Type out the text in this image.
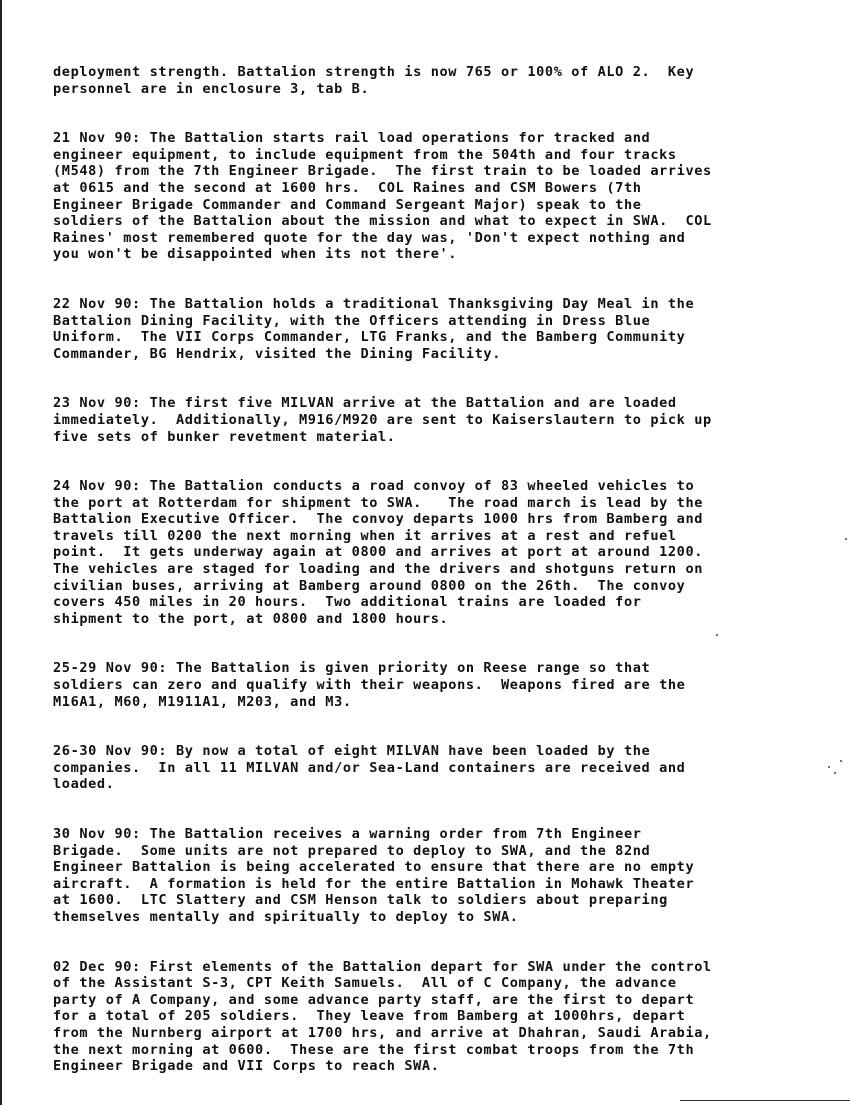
deployment strength. Battalion strength is now 765 or 100% of ALO 2.  Key
personnel are in enclosure 3, tab B.

21 Nov 90: The Battalion starts rail load operations for tracked and
engineer equipment, to include equipment from the 504th and four tracks
(M548) from the 7th Engineer Brigade.  The first train to be loaded arrives
at 0615 and the second at 1600 hrs.  COL Raines and CSM Bowers (7th
Engineer Brigade Commander and Command Sergeant Major) speak to the
soldiers of the Battalion about the mission and what to expect in SWA.  COL
Raines' most remembered quote for the day was, 'Don't expect nothing and
you won't be disappointed when its not there'.

22 Nov 90: The Battalion holds a traditional Thanksgiving Day Meal in the
Battalion Dining Facility, with the Officers attending in Dress Blue
Uniform.  The VII Corps Commander, LTG Franks, and the Bamberg Community
Commander, BG Hendrix, visited the Dining Facility.

23 Nov 90: The first five MILVAN arrive at the Battalion and are loaded
immediately.  Additionally, M916/M920 are sent to Kaiserslautern to pick up
five sets of bunker revetment material.

24 Nov 90: The Battalion conducts a road convoy of 83 wheeled vehicles to
the port at Rotterdam for shipment to SWA.   The road march is lead by the
Battalion Executive Officer.  The convoy departs 1000 hrs from Bamberg and
travels till 0200 the next morning when it arrives at a rest and refuel
point.  It gets underway again at 0800 and arrives at port at around 1200.
The vehicles are staged for loading and the drivers and shotguns return on
civilian buses, arriving at Bamberg around 0800 on the 26th.  The convoy
covers 450 miles in 20 hours.  Two additional trains are loaded for
shipment to the port, at 0800 and 1800 hours.

25-29 Nov 90: The Battalion is given priority on Reese range so that
soldiers can zero and qualify with their weapons.  Weapons fired are the
M16A1, M60, M1911A1, M203, and M3.

26-30 Nov 90: By now a total of eight MILVAN have been loaded by the
companies.  In all 11 MILVAN and/or Sea-Land containers are received and
loaded.

30 Nov 90: The Battalion receives a warning order from 7th Engineer
Brigade.  Some units are not prepared to deploy to SWA, and the 82nd
Engineer Battalion is being accelerated to ensure that there are no empty
aircraft.  A formation is held for the entire Battalion in Mohawk Theater
at 1600.  LTC Slattery and CSM Henson talk to soldiers about preparing
themselves mentally and spiritually to deploy to SWA.

02 Dec 90: First elements of the Battalion depart for SWA under the control
of the Assistant S-3, CPT Keith Samuels.  All of C Company, the advance
party of A Company, and some advance party staff, are the first to depart
for a total of 205 soldiers.  They leave from Bamberg at 1000hrs, depart
from the Nurnberg airport at 1700 hrs, and arrive at Dhahran, Saudi Arabia,
the next morning at 0600.  These are the first combat troops from the 7th
Engineer Brigade and VII Corps to reach SWA.
